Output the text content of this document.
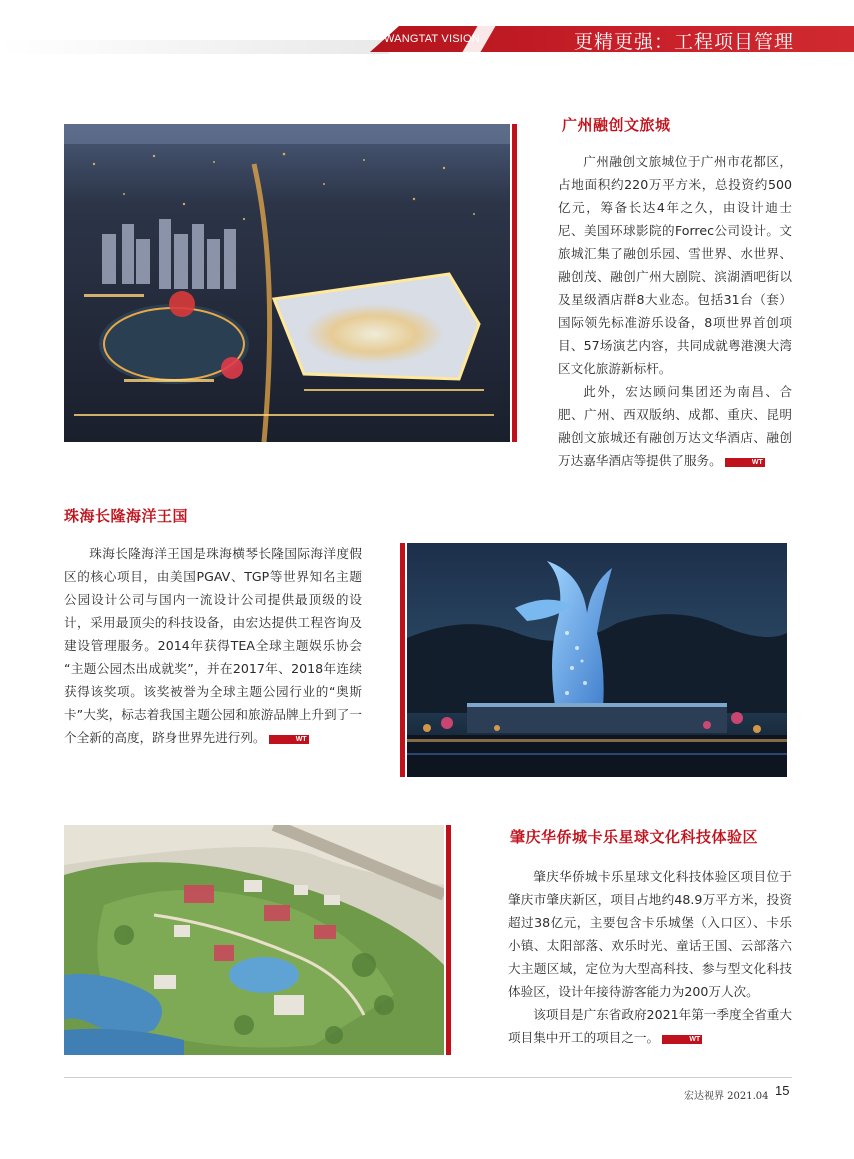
WANGTAT VISION	更精更强：工程项目管理
广州融创文旅城

广州融创文旅城位于广州市花都区，占地面积约220万平方米，总投资约500亿元，筹备长达4年之久，由设计迪士尼、美国环球影院的Forrec公司设计。文旅城汇集了融创乐园、雪世界、水世界、融创茂、融创广州大剧院、滨湖酒吧街以及星级酒店群8大业态。包括31台（套）国际领先标准游乐设备，8项世界首创项目、57场演艺内容，共同成就粤港澳大湾区文化旅游新标杆。

此外，宏达顾问集团还为南昌、合肥、广州、西双版纳、成都、重庆、昆明融创文旅城还有融创万达文华酒店、融创万达嘉华酒店等提供了服务。	WT

珠海长隆海洋王国

珠海长隆海洋王国是珠海横琴长隆国际海洋度假区的核心项目，由美国PGAV、TGP等世界知名主题公园设计公司与国内一流设计公司提供最顶级的设计，采用最顶尖的科技设备，由宏达提供工程咨询及建设管理服务。2014年获得TEA全球主题娱乐协会 “主题公园杰出成就奖”，并在2017年、2018年连续获得该奖项。该奖被誉为全球主题公园行业的“奥斯卡”大奖，标志着我国主题公园和旅游品牌上升到了一个全新的高度，跻身世界先进行列。	WT

肇庆华侨城卡乐星球文化科技体验区

肇庆华侨城卡乐星球文化科技体验区项目位于肇庆市肇庆新区，项目占地约48.9万平方米，投资超过38亿元，主要包含卡乐城堡（入口区）、卡乐小镇、太阳部落、欢乐时光、童话王国、云部落六大主题区域，定位为大型高科技、参与型文化科技体验区，设计年接待游客能力为200万人次。

该项目是广东省政府2021年第一季度全省重大项目集中开工的项目之一。	WT

宏达视界 2021.04 15
